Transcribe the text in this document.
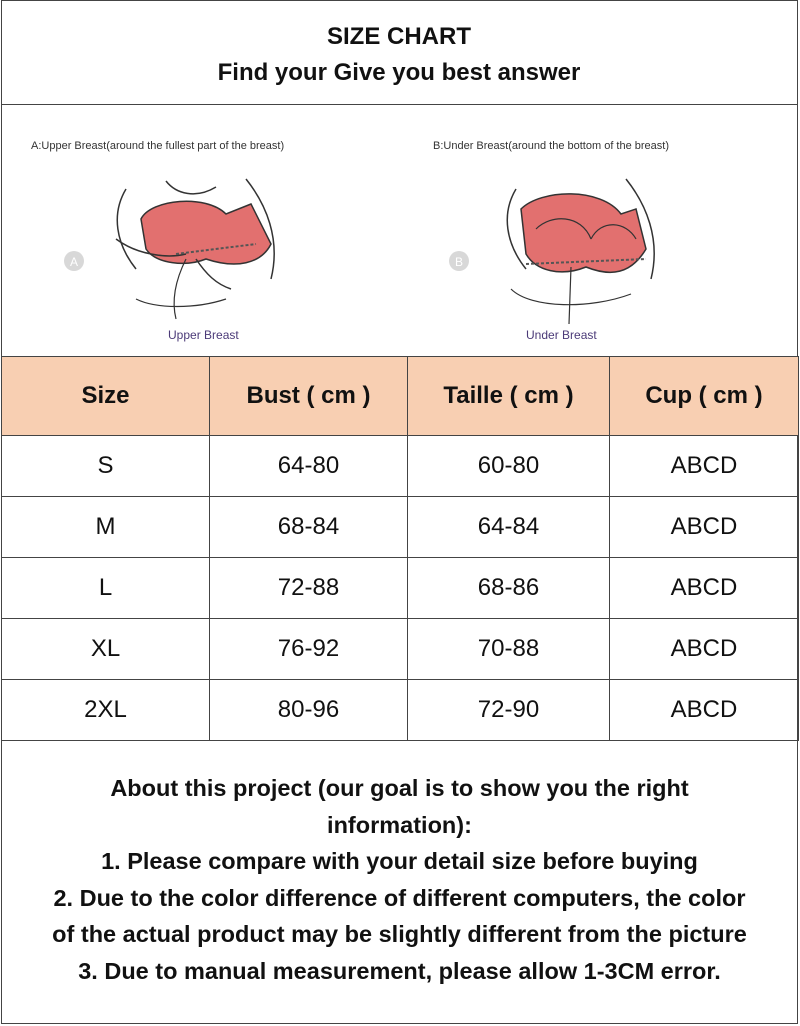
SIZE CHART
Find your Give you best answer
A:Upper Breast(around the fullest part of the breast)
A
Upper Breast
B:Under Breast(around the bottom of the breast)
B
Under Breast
Size	Bust ( cm )	Taille ( cm )	Cup ( cm )
S	64-80	60-80	ABCD
M	68-84	64-84	ABCD
L	72-88	68-86	ABCD
XL	76-92	70-88	ABCD
2XL	80-96	72-90	ABCD
About this project (our goal is to show you the right
information):
1. Please compare with your detail size before buying
2. Due to the color difference of different computers, the color
of the actual product may be slightly different from the picture
3. Due to manual measurement, please allow 1-3CM error.
